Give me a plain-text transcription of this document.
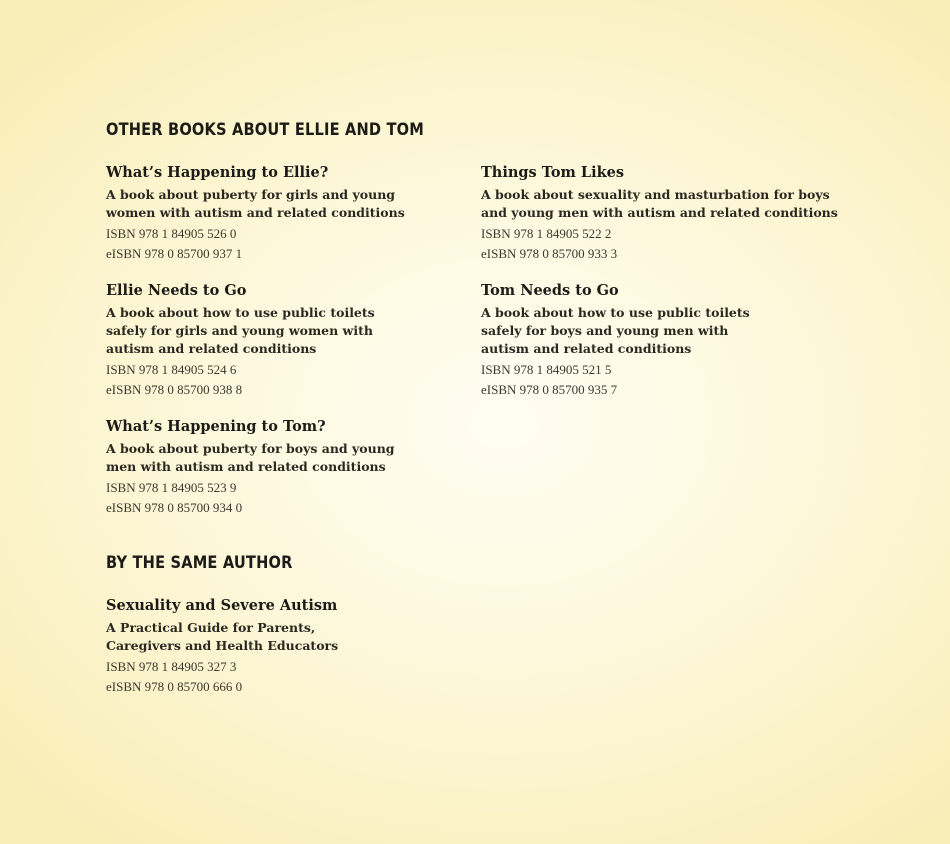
OTHER BOOKS ABOUT ELLIE AND TOM
What’s Happening to Ellie?
A book about puberty for girls and young
women with autism and related conditions
ISBN 978 1 84905 526 0
eISBN 978 0 85700 937 1
Things Tom Likes
A book about sexuality and masturbation for boys
and young men with autism and related conditions
ISBN 978 1 84905 522 2
eISBN 978 0 85700 933 3
Ellie Needs to Go
A book about how to use public toilets
safely for girls and young women with
autism and related conditions
ISBN 978 1 84905 524 6
eISBN 978 0 85700 938 8
Tom Needs to Go
A book about how to use public toilets
safely for boys and young men with
autism and related conditions
ISBN 978 1 84905 521 5
eISBN 978 0 85700 935 7
What’s Happening to Tom?
A book about puberty for boys and young
men with autism and related conditions
ISBN 978 1 84905 523 9
eISBN 978 0 85700 934 0
BY THE SAME AUTHOR
Sexuality and Severe Autism
A Practical Guide for Parents,
Caregivers and Health Educators
ISBN 978 1 84905 327 3
eISBN 978 0 85700 666 0
